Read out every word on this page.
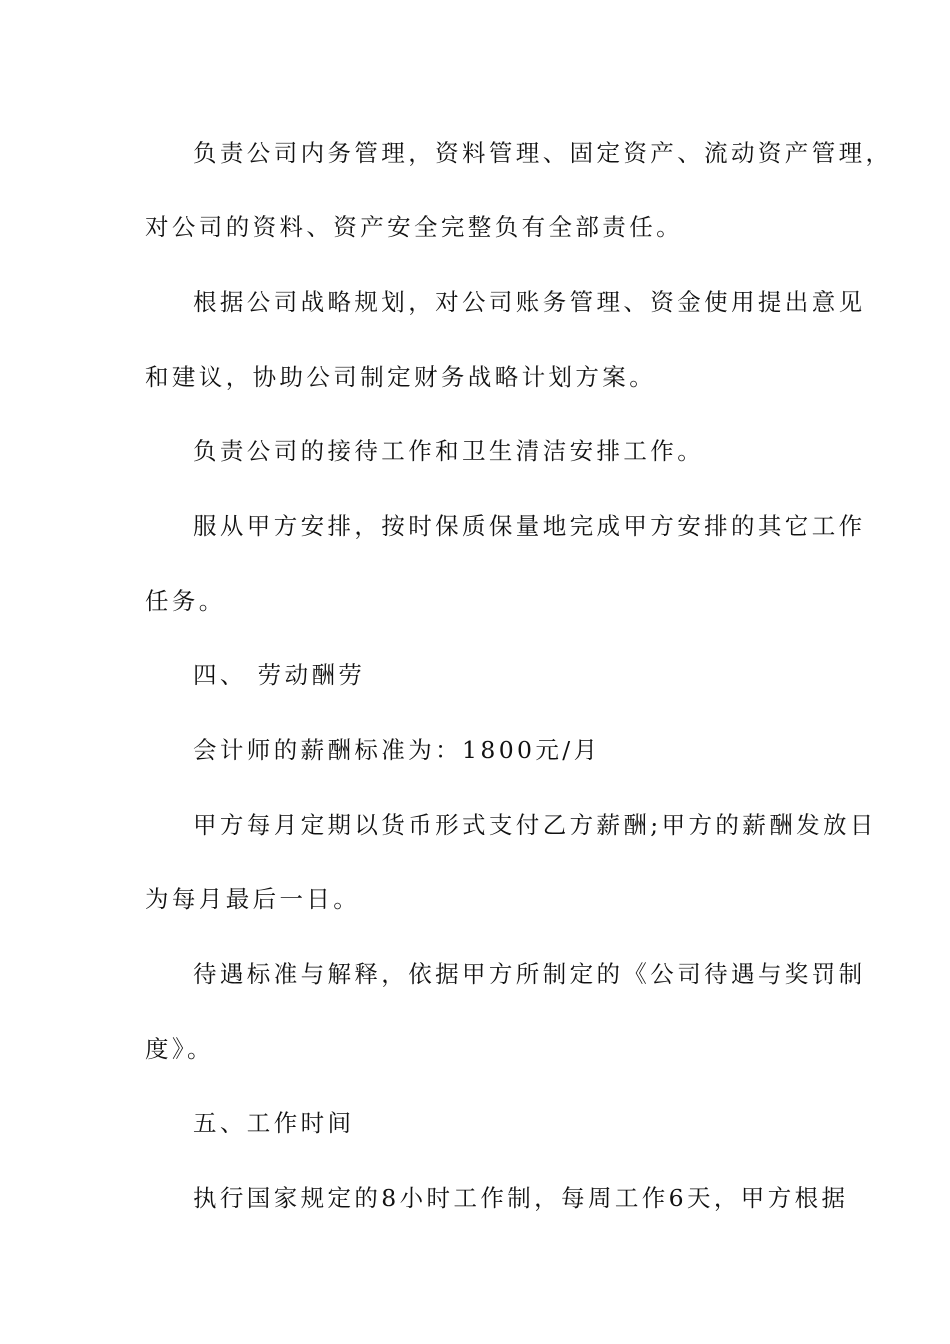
负责公司内务管理，资料管理、固定资产、流动资产管理，
对公司的资料、资产安全完整负有全部责任。
根据公司战略规划，对公司账务管理、资金使用提出意见
和建议，协助公司制定财务战略计划方案。
负责公司的接待工作和卫生清洁安排工作。
服从甲方安排，按时保质保量地完成甲方安排的其它工作
任务。
四、 劳动酬劳
会计师的薪酬标准为：1800元/月
甲方每月定期以货币形式支付乙方薪酬;甲方的薪酬发放日
为每月最后一日。
待遇标准与解释，依据甲方所制定的《公司待遇与奖罚制
度》。
五、工作时间
执行国家规定的8小时工作制，每周工作6天，甲方根据
